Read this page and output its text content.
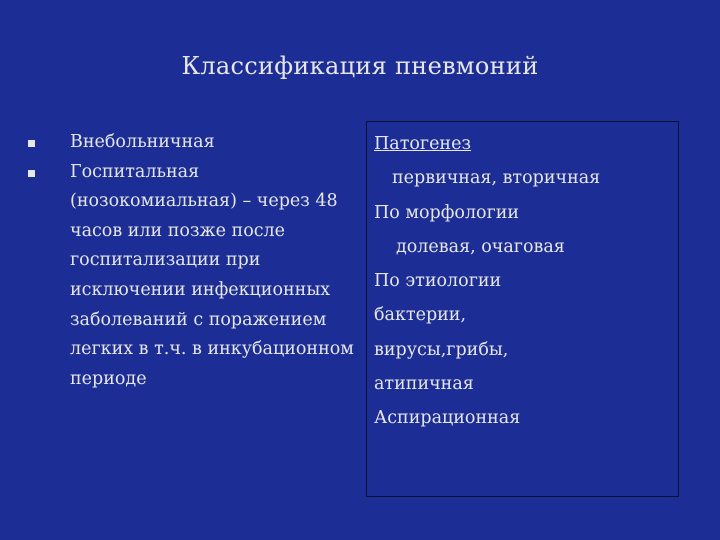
Классификация пневмоний
Внебольничная
Госпитальная (нозокомиальная) – через 48 часов или позже после госпитализации при исключении инфекционных заболеваний с поражением легких в т.ч. в инкубационном периоде
Патогенез
первичная, вторичная
По морфологии
долевая, очаговая
По этиологии
бактерии,
вирусы,грибы,
атипичная
Аспирационная
